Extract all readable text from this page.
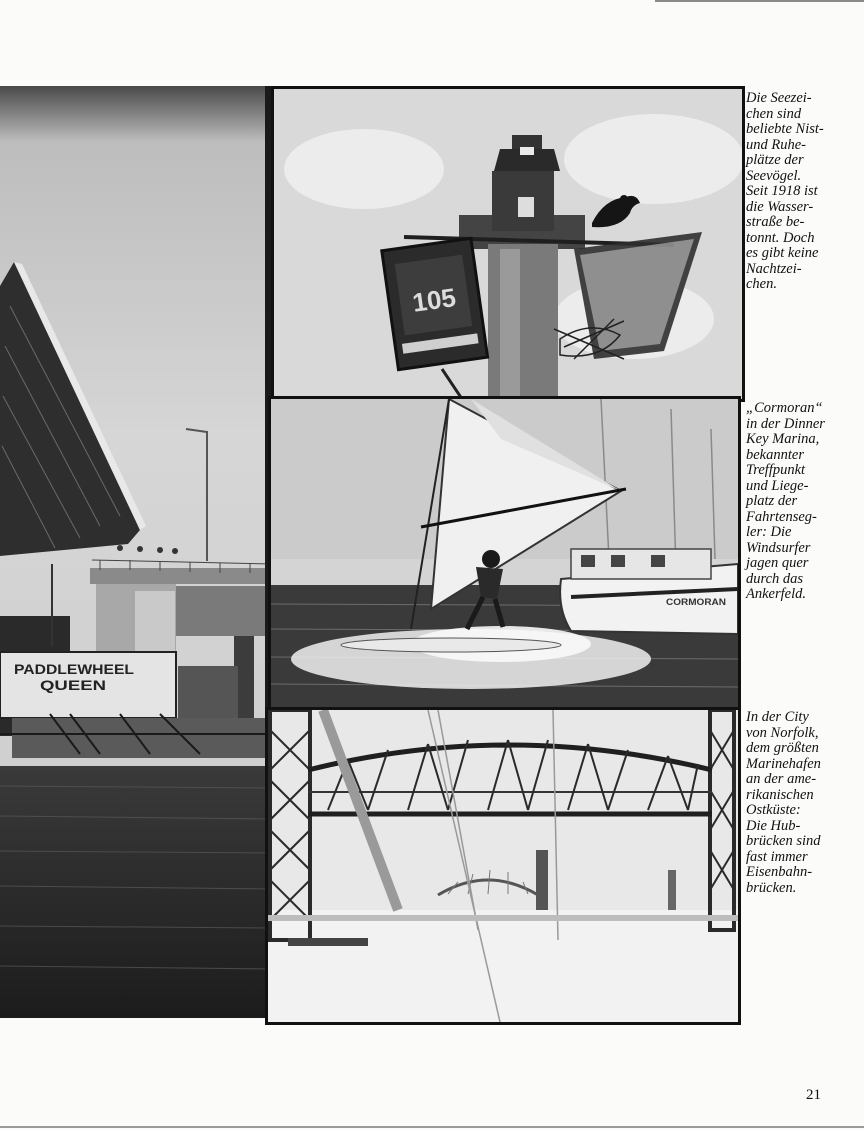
PADDLEWHEEL
QUEEN
105
CORMORAN

Die Seezei-
chen sind
beliebte Nist-
und Ruhe-
plätze der
Seevögel.
Seit 1918 ist
die Wasser-
straße be-
tonnt. Doch
es gibt keine
Nachtzei-
chen.

„Cormoran“
in der Dinner
Key Marina,
bekannter
Treffpunkt
und Liege-
platz der
Fahrtenseg-
ler: Die
Windsurfer
jagen quer
durch das
Ankerfeld.

In der City
von Norfolk,
dem größten
Marinehafen
an der ame-
rikanischen
Ostküste:
Die Hub-
brücken sind
fast immer
Eisenbahn-
brücken.

21
